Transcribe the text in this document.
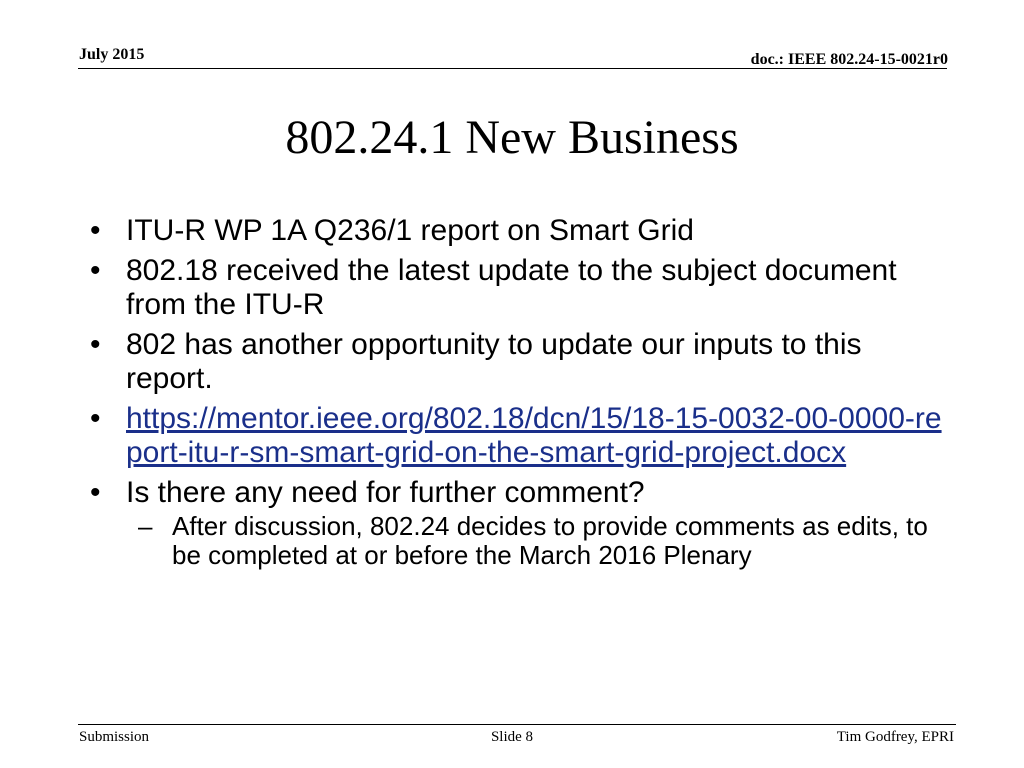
July 2015	doc.: IEEE 802.24-15-0021r0
802.24.1 New Business
• ITU-R WP 1A Q236/1 report on Smart Grid
• 802.18 received the latest update to the subject document from the ITU-R
• 802 has another opportunity to update our inputs to this report.
• https://mentor.ieee.org/802.18/dcn/15/18-15-0032-00-0000-report-itu-r-sm-smart-grid-on-the-smart-grid-project.docx
• Is there any need for further comment?
– After discussion, 802.24 decides to provide comments as edits, to be completed at or before the March 2016 Plenary
Submission	Slide 8	Tim Godfrey, EPRI
